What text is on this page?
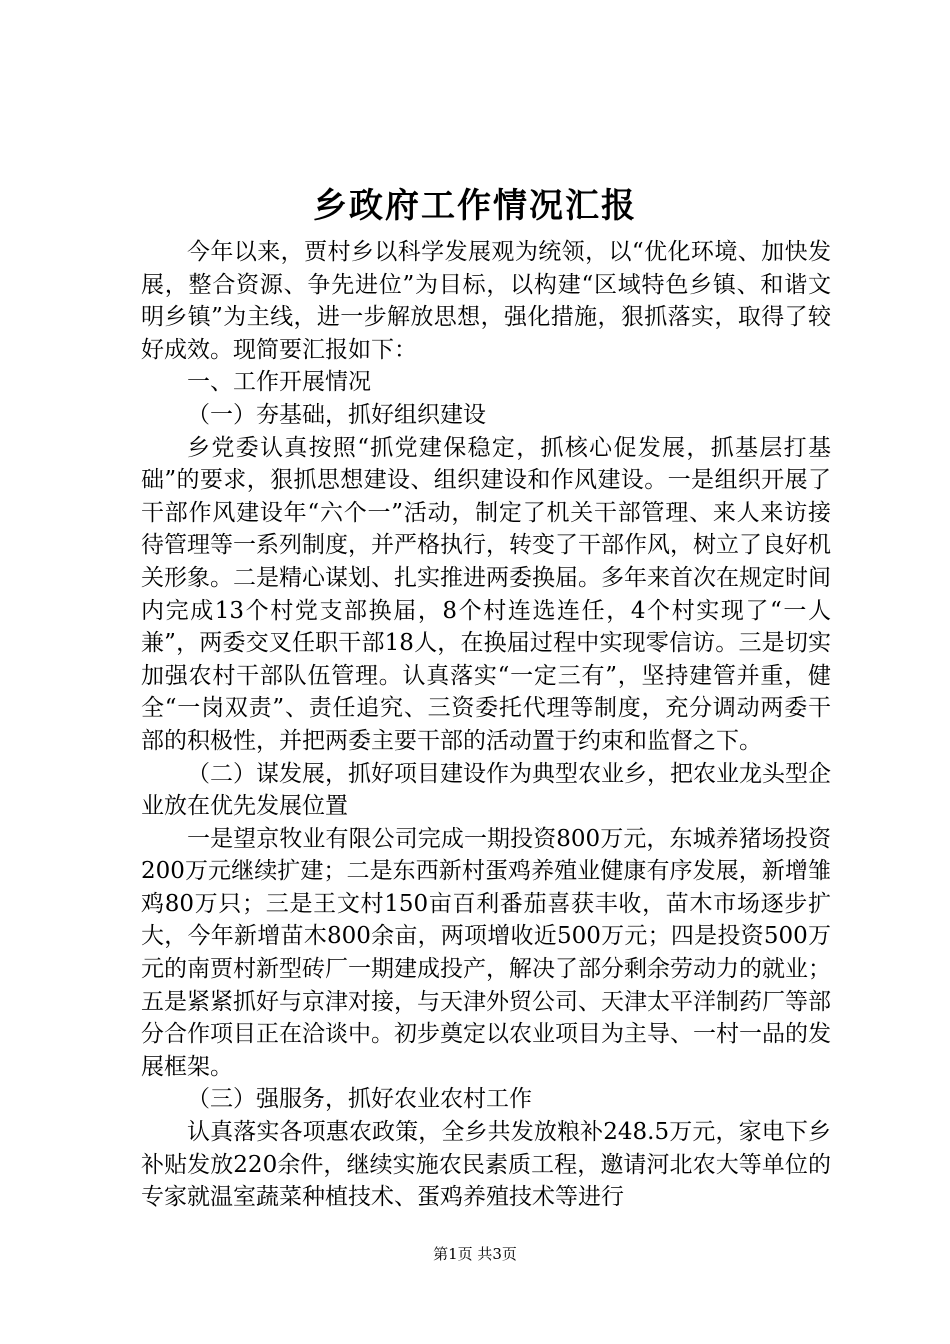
乡政府工作情况汇报

今年以来，贾村乡以科学发展观为统领，以“优化环境、加快发展，整合资源、争先进位”为目标，以构建“区域特色乡镇、和谐文明乡镇”为主线，进一步解放思想，强化措施，狠抓落实，取得了较好成效。现简要汇报如下：

一、工作开展情况

（一）夯基础，抓好组织建设

乡党委认真按照“抓党建保稳定，抓核心促发展，抓基层打基础”的要求，狠抓思想建设、组织建设和作风建设。一是组织开展了干部作风建设年“六个一”活动，制定了机关干部管理、来人来访接待管理等一系列制度，并严格执行，转变了干部作风，树立了良好机关形象。二是精心谋划、扎实推进两委换届。多年来首次在规定时间内完成13个村党支部换届，8个村连选连任，4个村实现了“一人兼”，两委交叉任职干部18人，在换届过程中实现零信访。三是切实加强农村干部队伍管理。认真落实“一定三有”，坚持建管并重，健全“一岗双责”、责任追究、三资委托代理等制度，充分调动两委干部的积极性，并把两委主要干部的活动置于约束和监督之下。

（二）谋发展，抓好项目建设作为典型农业乡，把农业龙头型企业放在优先发展位置

一是望京牧业有限公司完成一期投资800万元，东城养猪场投资200万元继续扩建；二是东西新村蛋鸡养殖业健康有序发展，新增雏鸡80万只；三是王文村150亩百利番茄喜获丰收，苗木市场逐步扩大，今年新增苗木800余亩，两项增收近500万元；四是投资500万元的南贾村新型砖厂一期建成投产，解决了部分剩余劳动力的就业；五是紧紧抓好与京津对接，与天津外贸公司、天津太平洋制药厂等部分合作项目正在洽谈中。初步奠定以农业项目为主导、一村一品的发展框架。

（三）强服务，抓好农业农村工作

认真落实各项惠农政策，全乡共发放粮补248.5万元，家电下乡补贴发放220余件，继续实施农民素质工程，邀请河北农大等单位的专家就温室蔬菜种植技术、蛋鸡养殖技术等进行

第1页 共3页
